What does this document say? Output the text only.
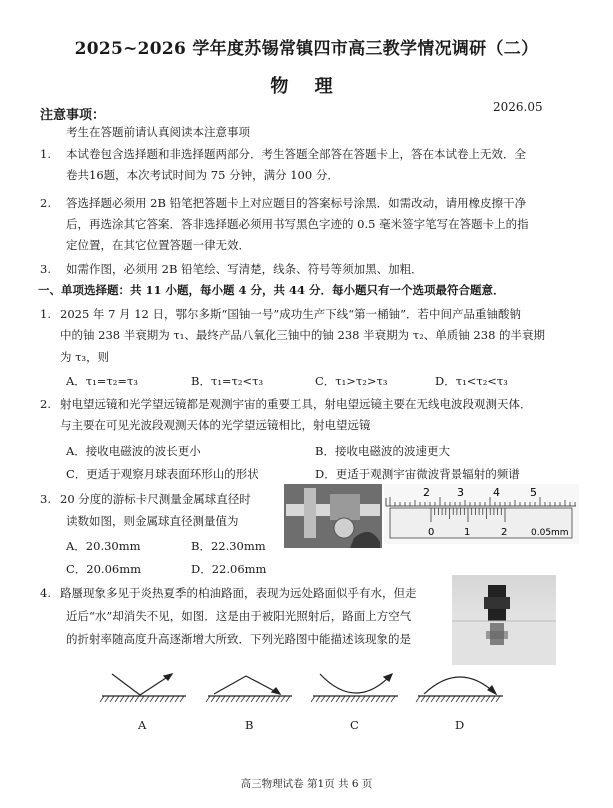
2025~2026 学年度苏锡常镇四市高三教学情况调研（二）
物 理
注意事项：
2026.05
考生在答题前请认真阅读本注意事项
1. 本试卷包含选择题和非选择题两部分．考生答题全部答在答题卡上，答在本试卷上无效．全
卷共16题，本次考试时间为 75 分钟，满分 100 分．
2. 答选择题必须用 2B 铅笔把答题卡上对应题目的答案标号涂黑．如需改动，请用橡皮擦干净
后，再选涂其它答案．答非选择题必须用书写黑色字迹的 0.5 毫米签字笔写在答题卡上的指
定位置，在其它位置答题一律无效．
3. 如需作图，必须用 2B 铅笔绘、写清楚，线条、符号等须加黑、加粗．
一、单项选择题：共 11 小题，每小题 4 分，共 44 分．每小题只有一个选项最符合题意．
1. 2025 年 7 月 12 日，鄂尔多斯“国铀一号”成功生产下线“第一桶铀”．若中间产品重铀酸钠
中的铀 238 半衰期为 τ₁、最终产品八氧化三铀中的铀 238 半衰期为 τ₂、单质铀 238 的半衰期
为 τ₃，则
A．τ₁=τ₂=τ₃	B．τ₁=τ₂<τ₃	C．τ₁>τ₂>τ₃	D．τ₁<τ₂<τ₃
2. 射电望远镜和光学望远镜都是观测宇宙的重要工具，射电望远镜主要在无线电波段观测天体．
与主要在可见光波段观测天体的光学望远镜相比，射电望远镜
A．接收电磁波的波长更小	B．接收电磁波的波速更大
C．更适于观察月球表面环形山的形状	D．更适于观测宇宙微波背景辐射的频谱
3. 20 分度的游标卡尺测量金属球直径时
读数如图，则金属球直径测量值为
A．20.30mm	B．22.30mm
C．20.06mm	D．22.06mm
2 3	4	5
0	1	2	0.05mm
4. 路蜃现象多见于炎热夏季的柏油路面，表现为远处路面似乎有水，但走
近后“水”却消失不见，如图．这是由于被阳光照射后，路面上方空气
的折射率随高度升高逐渐增大所致．下列光路图中能描述该现象的是
A	B	C	D
高三物理试卷 第1页 共 6 页
